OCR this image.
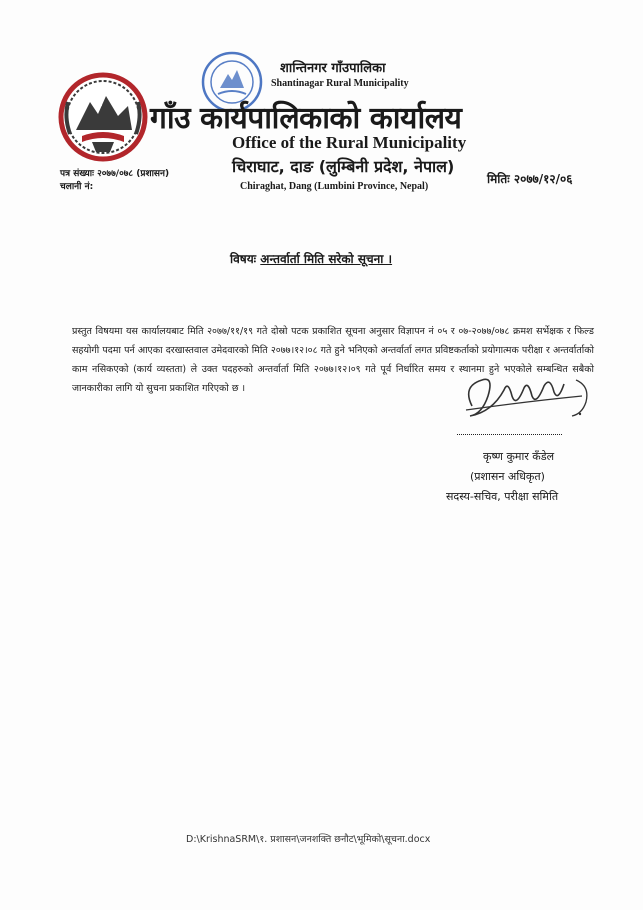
शान्तिनगर गाँउपालिका
Shantinagar Rural Municipality
गाँउ कार्यपालिकाको कार्यालय
Office of the Rural Municipality
चिराघाट, दाङ (लुम्बिनी प्रदेश, नेपाल)
Chiraghat, Dang (Lumbini Province, Nepal)
पत्र संख्याः २०७७/०७८ (प्रशासन)
चलानी नं:
मितिः २०७७/१२/०६
विषयः अन्तर्वार्ता मिति सरेको सूचना ।
प्रस्तुत विषयमा यस कार्यालयबाट मिति २०७७/११/१९ गते दोस्रो पटक प्रकाशित सूचना अनुसार विज्ञापन नं ०५ र ०७-२०७७/०७८ क्रमश सर्भेक्षक र फिल्ड सहयोगी पदमा पर्न आएका दरखास्तवाल उमेदवारको मिति २०७७।१२।०८ गते हुने भनिएको अन्तर्वार्ता लगत प्रविष्टकर्ताको प्रयोगात्मक परीक्षा र अन्तर्वार्ताको काम नसिकएको (कार्य व्यस्तता) ले उक्त पदहरुको अन्तर्वार्ता मिति २०७७।१२।०९ गते पूर्व निर्धारित समय र स्थानमा हुने भएकोले सम्बन्धित सबैको जानकारीका लागि यो सुचना प्रकाशित गरिएको छ ।
कृष्ण कुमार कँडेल
(प्रशासन अधिकृत)
सदस्य-सचिव, परीक्षा समिति
D:\KrishnaSRM\१. प्रशासन\जनशक्ति छनौट\भूमिको\सूचना.docx
